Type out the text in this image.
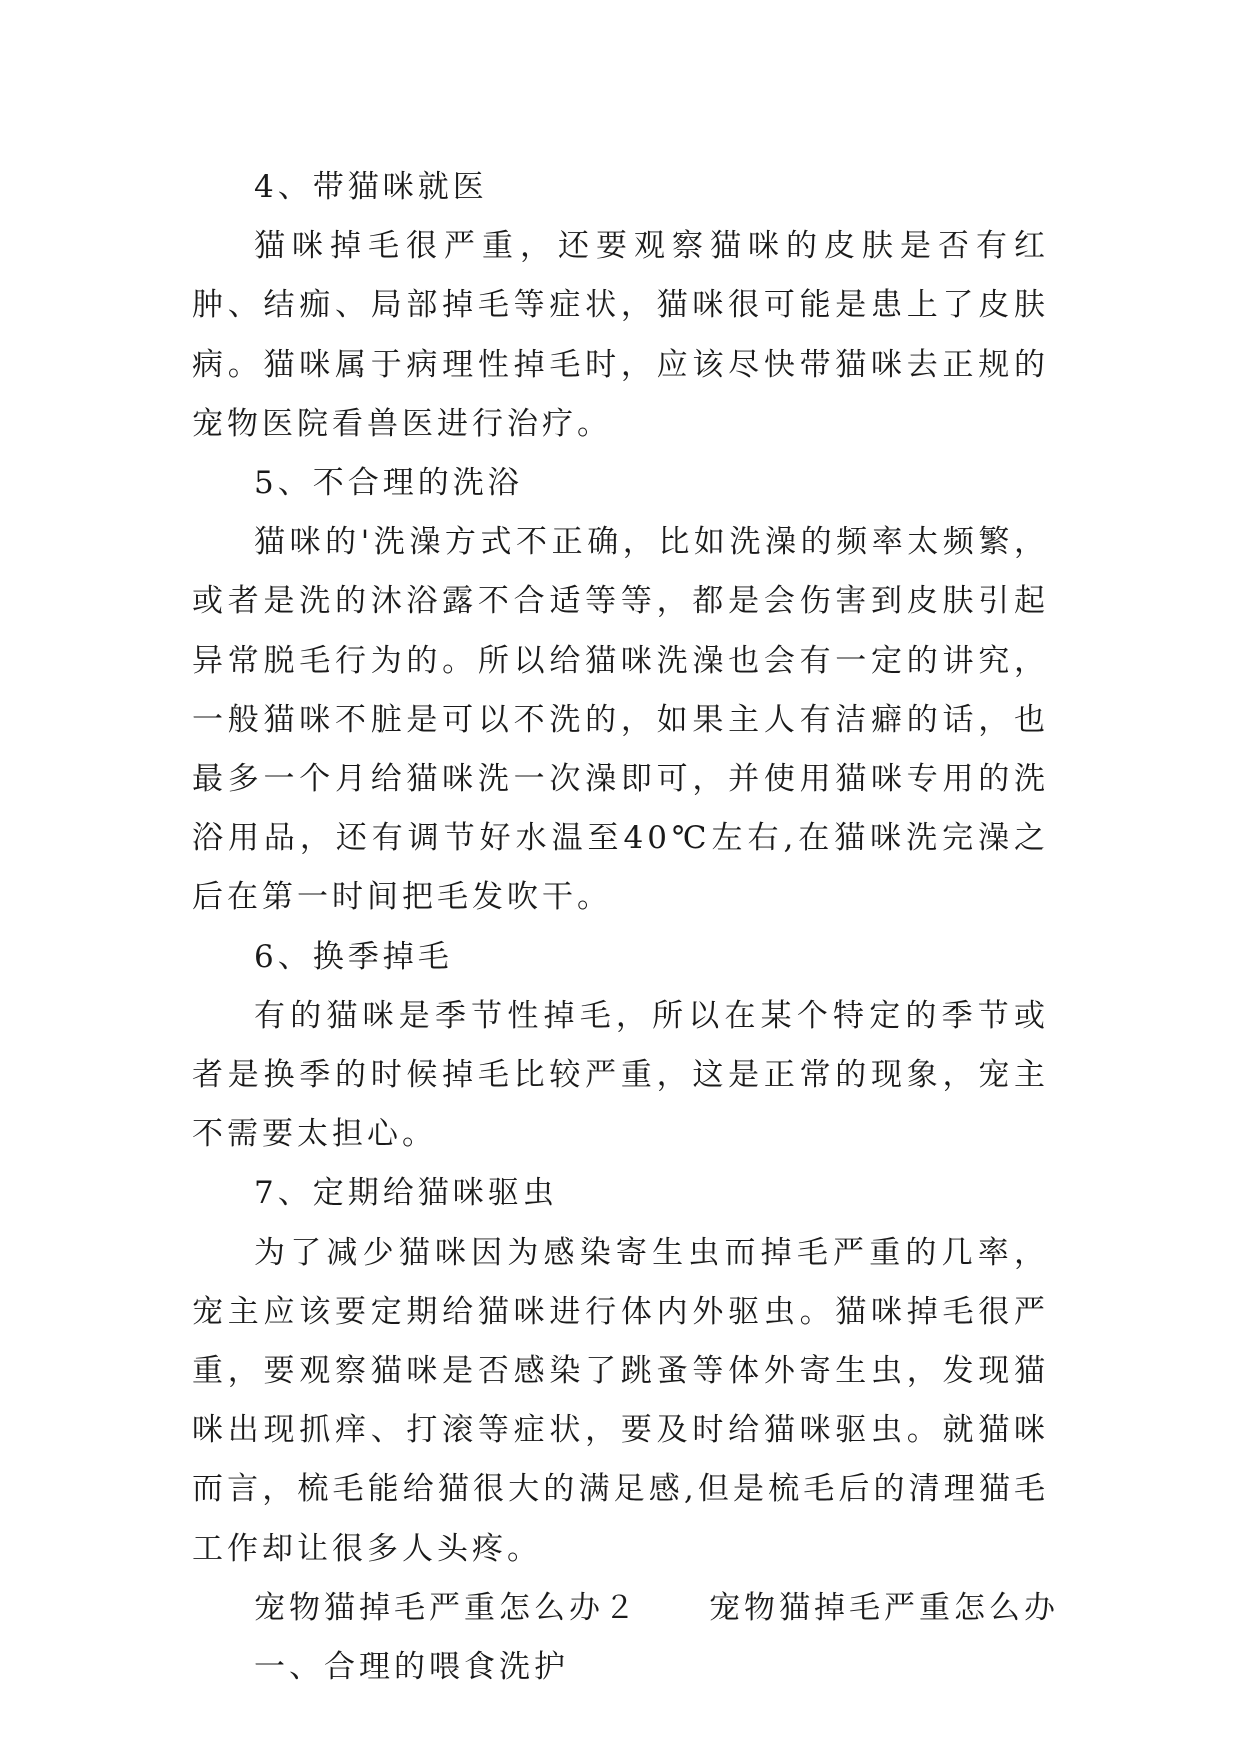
4、带猫咪就医

猫咪掉毛很严重，还要观察猫咪的皮肤是否有红肿、结痂、局部掉毛等症状，猫咪很可能是患上了皮肤病。猫咪属于病理性掉毛时，应该尽快带猫咪去正规的宠物医院看兽医进行治疗。

5、不合理的洗浴

猫咪的'洗澡方式不正确，比如洗澡的频率太频繁，或者是洗的沐浴露不合适等等，都是会伤害到皮肤引起异常脱毛行为的。所以给猫咪洗澡也会有一定的讲究，一般猫咪不脏是可以不洗的，如果主人有洁癖的话，也最多一个月给猫咪洗一次澡即可，并使用猫咪专用的洗浴用品，还有调节好水温至40℃左右,在猫咪洗完澡之后在第一时间把毛发吹干。

6、换季掉毛

有的猫咪是季节性掉毛，所以在某个特定的季节或者是换季的时候掉毛比较严重，这是正常的现象，宠主不需要太担心。

7、定期给猫咪驱虫

为了减少猫咪因为感染寄生虫而掉毛严重的几率，宠主应该要定期给猫咪进行体内外驱虫。猫咪掉毛很严重，要观察猫咪是否感染了跳蚤等体外寄生虫，发现猫咪出现抓痒、打滚等症状，要及时给猫咪驱虫。就猫咪而言，梳毛能给猫很大的满足感,但是梳毛后的清理猫毛工作却让很多人头疼。

宠物猫掉毛严重怎么办２ 宠物猫掉毛严重怎么办

一、合理的喂食洗护
